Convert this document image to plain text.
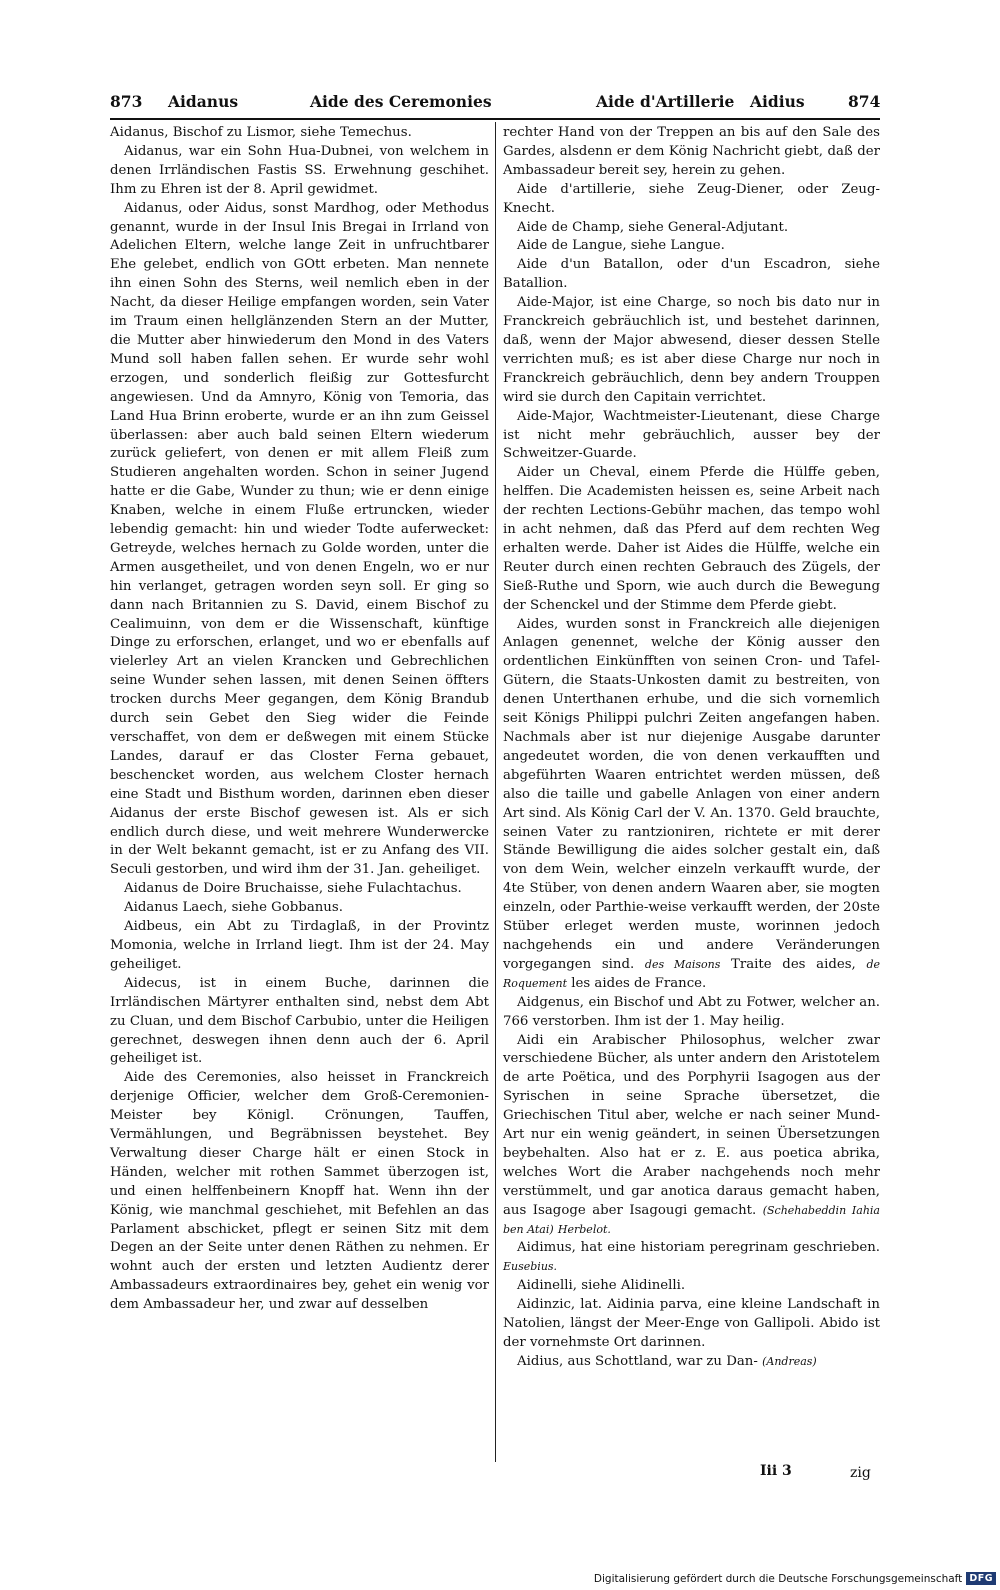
873 Aidanus	Aide des Ceremonies	Aide d'Artillerie Aidius	874

Aidanus, Bischof zu Lismor, siehe Temechus.

Aidanus, war ein Sohn Hua-Dubnei, von welchem in denen Irrländischen Fastis SS. Erwehnung geschihet. Ihm zu Ehren ist der 8. April gewidmet.

Aidanus, oder Aidus, sonst Mardhog, oder Methodus genannt, wurde in der Insul Inis Bregai in Irrland von Adelichen Eltern, welche lange Zeit in unfruchtbarer Ehe gelebet, endlich von GOtt erbeten. Man nennete ihn einen Sohn des Sterns, weil nemlich eben in der Nacht, da dieser Heilige empfangen worden, sein Vater im Traum einen hellglänzenden Stern an der Mutter, die Mutter aber hinwiederum den Mond in des Vaters Mund soll haben fallen sehen. Er wurde sehr wohl erzogen, und sonderlich fleißig zur Gottesfurcht angewiesen. Und da Amnyro, König von Temoria, das Land Hua Brinn eroberte, wurde er an ihn zum Geissel überlassen: aber auch bald seinen Eltern wiederum zurück geliefert, von denen er mit allem Fleiß zum Studieren angehalten worden. Schon in seiner Jugend hatte er die Gabe, Wunder zu thun; wie er denn einige Knaben, welche in einem Fluße ertruncken, wieder lebendig gemacht: hin und wieder Todte auferwecket: Getreyde, welches hernach zu Golde worden, unter die Armen ausgetheilet, und von denen Engeln, wo er nur hin verlanget, getragen worden seyn soll. Er ging so dann nach Britannien zu S. David, einem Bischof zu Cealimuinn, von dem er die Wissenschaft, künftige Dinge zu erforschen, erlanget, und wo er ebenfalls auf vielerley Art an vielen Krancken und Gebrechlichen seine Wunder sehen lassen, mit denen Seinen öffters trocken durchs Meer gegangen, dem König Brandub durch sein Gebet den Sieg wider die Feinde verschaffet, von dem er deßwegen mit einem Stücke Landes, darauf er das Closter Ferna gebauet, beschencket worden, aus welchem Closter hernach eine Stadt und Bisthum worden, darinnen eben dieser Aidanus der erste Bischof gewesen ist. Als er sich endlich durch diese, und weit mehrere Wunderwercke in der Welt bekannt gemacht, ist er zu Anfang des VII. Seculi gestorben, und wird ihm der 31. Jan. geheiliget.

Aidanus de Doire Bruchaisse, siehe Fulachtachus.

Aidanus Laech, siehe Gobbanus.

Aidbeus, ein Abt zu Tirdaglaß, in der Provintz Momonia, welche in Irrland liegt. Ihm ist der 24. May geheiliget.

Aidecus, ist in einem Buche, darinnen die Irrländischen Märtyrer enthalten sind, nebst dem Abt zu Cluan, und dem Bischof Carbubio, unter die Heiligen gerechnet, deswegen ihnen denn auch der 6. April geheiliget ist.

Aide des Ceremonies, also heisset in Franckreich derjenige Officier, welcher dem Groß-Ceremonien-Meister bey Königl. Crönungen, Tauffen, Vermählungen, und Begräbnissen beystehet. Bey Verwaltung dieser Charge hält er einen Stock in Händen, welcher mit rothen Sammet überzogen ist, und einen helffenbeinern Knopff hat. Wenn ihn der König, wie manchmal geschiehet, mit Befehlen an das Parlament abschicket, pflegt er seinen Sitz mit dem Degen an der Seite unter denen Räthen zu nehmen. Er wohnt auch der ersten und letzten Audientz derer Ambassadeurs extraordinaires bey, gehet ein wenig vor dem Ambassadeur her, und zwar auf desselben

rechter Hand von der Treppen an bis auf den Sale des Gardes, alsdenn er dem König Nachricht giebt, daß der Ambassadeur bereit sey, herein zu gehen.

Aide d'artillerie, siehe Zeug-Diener, oder Zeug-Knecht.

Aide de Champ, siehe General-Adjutant.

Aide de Langue, siehe Langue.

Aide d'un Batallon, oder d'un Escadron, siehe Batallion.

Aide-Major, ist eine Charge, so noch bis dato nur in Franckreich gebräuchlich ist, und bestehet darinnen, daß, wenn der Major abwesend, dieser dessen Stelle verrichten muß; es ist aber diese Charge nur noch in Franckreich gebräuchlich, denn bey andern Trouppen wird sie durch den Capitain verrichtet.

Aide-Major, Wachtmeister-Lieutenant, diese Charge ist nicht mehr gebräuchlich, ausser bey der Schweitzer-Guarde.

Aider un Cheval, einem Pferde die Hülffe geben, helffen. Die Academisten heissen es, seine Arbeit nach der rechten Lections-Gebühr machen, das tempo wohl in acht nehmen, daß das Pferd auf dem rechten Weg erhalten werde. Daher ist Aides die Hülffe, welche ein Reuter durch einen rechten Gebrauch des Zügels, der Sieß-Ruthe und Sporn, wie auch durch die Bewegung der Schenckel und der Stimme dem Pferde giebt.

Aides, wurden sonst in Franckreich alle diejenigen Anlagen genennet, welche der König ausser den ordentlichen Einkünfften von seinen Cron- und Tafel-Gütern, die Staats-Unkosten damit zu bestreiten, von denen Unterthanen erhube, und die sich vornemlich seit Königs Philippi pulchri Zeiten angefangen haben. Nachmals aber ist nur diejenige Ausgabe darunter angedeutet worden, die von denen verkaufften und abgeführten Waaren entrichtet werden müssen, deß also die taille und gabelle Anlagen von einer andern Art sind. Als König Carl der V. An. 1370. Geld brauchte, seinen Vater zu rantzioniren, richtete er mit derer Stände Bewilligung die aides solcher gestalt ein, daß von dem Wein, welcher einzeln verkaufft wurde, der 4te Stüber, von denen andern Waaren aber, sie mogten einzeln, oder Parthie-weise verkaufft werden, der 20ste Stüber erleget werden muste, worinnen jedoch nachgehends ein und andere Veränderungen vorgegangen sind. des Maisons Traite des aides, de Roquement les aides de France.

Aidgenus, ein Bischof und Abt zu Fotwer, welcher an. 766 verstorben. Ihm ist der 1. May heilig.

Aidi ein Arabischer Philosophus, welcher zwar verschiedene Bücher, als unter andern den Aristotelem de arte Poëtica, und des Porphyrii Isagogen aus der Syrischen in seine Sprache übersetzet, die Griechischen Titul aber, welche er nach seiner Mund-Art nur ein wenig geändert, in seinen Übersetzungen beybehalten. Also hat er z. E. aus poetica abrika, welches Wort die Araber nachgehends noch mehr verstümmelt, und gar anotica daraus gemacht haben, aus Isagoge aber Isagougi gemacht. (Schehabeddin Iahia ben Atai) Herbelot.

Aidimus, hat eine historiam peregrinam geschrieben. Eusebius.

Aidinelli, siehe Alidinelli.

Aidinzic, lat. Aidinia parva, eine kleine Landschaft in Natolien, längst der Meer-Enge von Gallipoli. Abido ist der vornehmste Ort darinnen.

Aidius, aus Schottland, war zu Dan- (Andreas)

Iii 3	zig
Digitalisierung gefördert durch die Deutsche Forschungsgemeinschaft DFG
